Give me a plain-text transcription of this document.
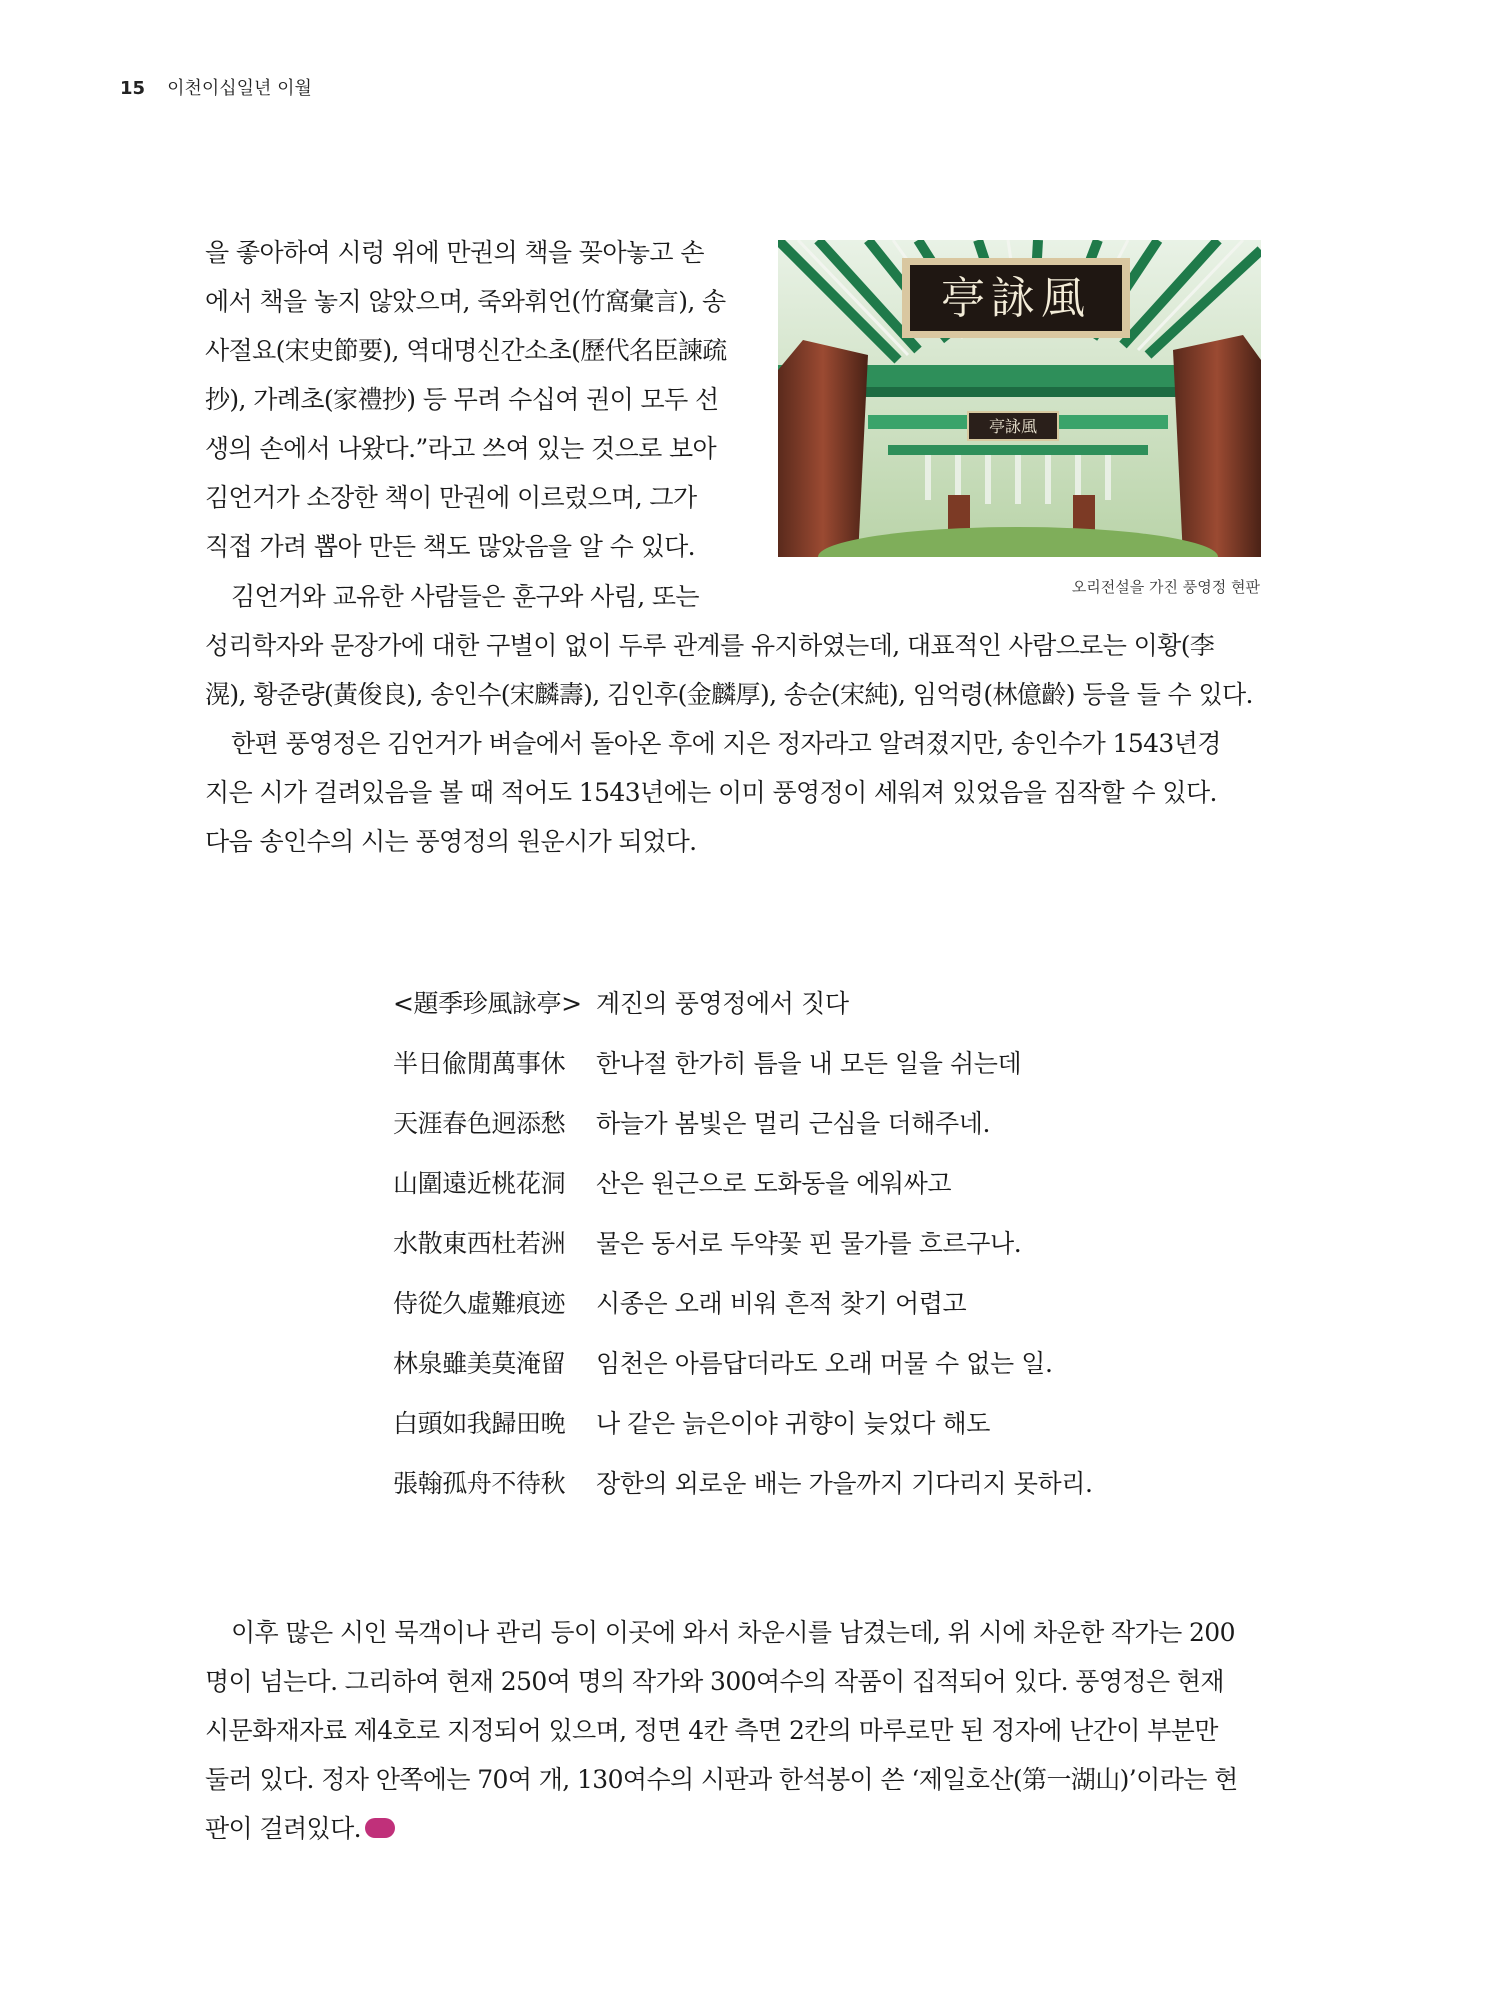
15 이천이십일년 이월

을 좋아하여 시렁 위에 만권의 책을 꽂아놓고 손
에서 책을 놓지 않았으며, 죽와휘언(竹窩彙言), 송
사절요(宋史節要), 역대명신간소초(歷代名臣諫疏
抄), 가례초(家禮抄) 등 무려 수십여 권이 모두 선
생의 손에서 나왔다.”라고 쓰여 있는 것으로 보아
김언거가 소장한 책이 만권에 이르렀으며, 그가
직접 가려 뽑아 만든 책도 많았음을 알 수 있다.

亭詠風
亭詠風
오리전설을 가진 풍영정 현판

김언거와 교유한 사람들은 훈구와 사림, 또는
성리학자와 문장가에 대한 구별이 없이 두루 관계를 유지하였는데, 대표적인 사람으로는 이황(李
滉), 황준량(黃俊良), 송인수(宋麟壽), 김인후(金麟厚), 송순(宋純), 임억령(林億齡) 등을 들 수 있다.

한편 풍영정은 김언거가 벼슬에서 돌아온 후에 지은 정자라고 알려졌지만, 송인수가 1543년경
지은 시가 걸려있음을 볼 때 적어도 1543년에는 이미 풍영정이 세워져 있었음을 짐작할 수 있다.
다음 송인수의 시는 풍영정의 원운시가 되었다.

<題季珍風詠亭> 계진의 풍영정에서 짓다
半日偸閒萬事休	한나절 한가히 틈을 내 모든 일을 쉬는데
天涯春色迥添愁	하늘가 봄빛은 멀리 근심을 더해주네.
山圍遠近桃花洞	산은 원근으로 도화동을 에워싸고
水散東西杜若洲	물은 동서로 두약꽃 핀 물가를 흐르구나.
侍從久虛難痕迹	시종은 오래 비워 흔적 찾기 어렵고
林泉雖美莫淹留	임천은 아름답더라도 오래 머물 수 없는 일.
白頭如我歸田晩	나 같은 늙은이야 귀향이 늦었다 해도
張翰孤舟不待秋	장한의 외로운 배는 가을까지 기다리지 못하리.

이후 많은 시인 묵객이나 관리 등이 이곳에 와서 차운시를 남겼는데, 위 시에 차운한 작가는 200
명이 넘는다. 그리하여 현재 250여 명의 작가와 300여수의 작품이 집적되어 있다. 풍영정은 현재
시문화재자료 제4호로 지정되어 있으며, 정면 4칸 측면 2칸의 마루로만 된 정자에 난간이 부분만
둘러 있다. 정자 안쪽에는 70여 개, 130여수의 시판과 한석봉이 쓴 ‘제일호산(第一湖山)’이라는 현
판이 걸려있다.
